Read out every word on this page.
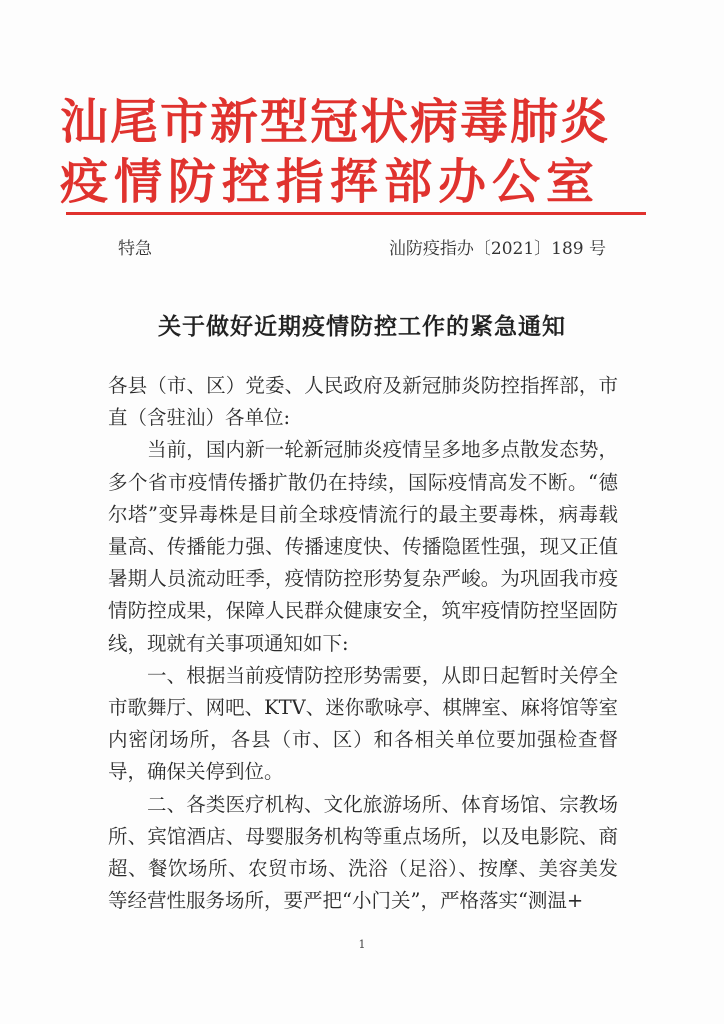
汕尾市新型冠状病毒肺炎
疫情防控指挥部办公室
特急	汕防疫指办〔2021〕189 号
关于做好近期疫情防控工作的紧急通知

各县（市、区）党委、人民政府及新冠肺炎防控指挥部，市直（含驻汕）各单位:

当前，国内新一轮新冠肺炎疫情呈多地多点散发态势，多个省市疫情传播扩散仍在持续，国际疫情高发不断。“德尔塔”变异毒株是目前全球疫情流行的最主要毒株，病毒载量高、传播能力强、传播速度快、传播隐匿性强，现又正值暑期人员流动旺季，疫情防控形势复杂严峻。为巩固我市疫情防控成果，保障人民群众健康安全，筑牢疫情防控坚固防线，现就有关事项通知如下:

一、根据当前疫情防控形势需要，从即日起暂时关停全市歌舞厅、网吧、KTV、迷你歌咏亭、棋牌室、麻将馆等室内密闭场所，各县（市、区）和各相关单位要加强检查督导，确保关停到位。

二、各类医疗机构、文化旅游场所、体育场馆、宗教场所、宾馆酒店、母婴服务机构等重点场所，以及电影院、商超、餐饮场所、农贸市场、洗浴（足浴）、按摩、美容美发等经营性服务场所，要严把“小门关”，严格落实“测温+

1
